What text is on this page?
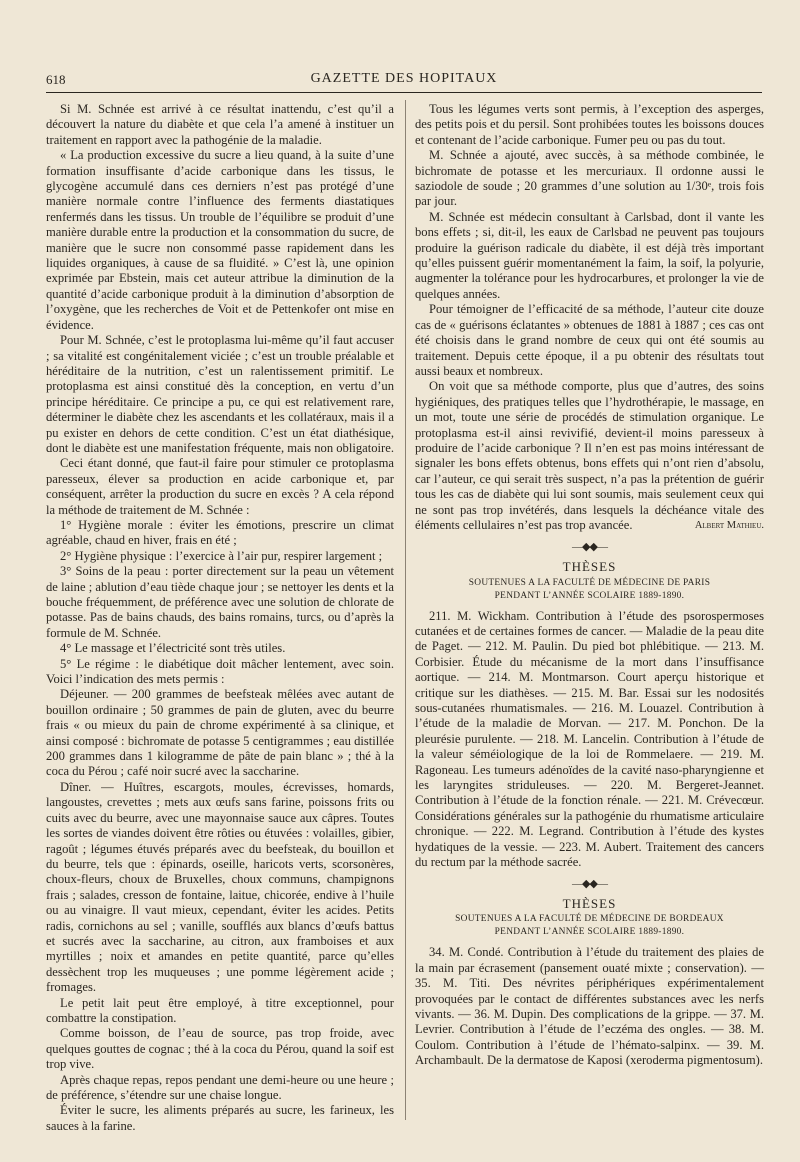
618	GAZETTE DES HOPITAUX

Si M. Schnée est arrivé à ce résultat inattendu, c’est qu’il a découvert la nature du diabète et que cela l’a amené à instituer un traitement en rapport avec la pathogénie de la maladie.

« La production excessive du sucre a lieu quand, à la suite d’une formation insuffisante d’acide carbonique dans les tissus, le glycogène accumulé dans ces derniers n’est pas protégé d’une manière normale contre l’influence des ferments diastatiques renfermés dans les tissus. Un trouble de l’équilibre se produit d’une manière durable entre la production et la consommation du sucre, de manière que le sucre non consommé passe rapidement dans les liquides organiques, à cause de sa fluidité. » C’est là, une opinion exprimée par Ebstein, mais cet auteur attribue la diminution de la quantité d’acide carbonique produit à la diminution d’absorption de l’oxygène, que les recherches de Voit et de Pettenkofer ont mise en évidence.

Pour M. Schnée, c’est le protoplasma lui-même qu’il faut accuser ; sa vitalité est congénitalement viciée ; c’est un trouble préalable et héréditaire de la nutrition, c’est un ralentissement primitif. Le protoplasma est ainsi constitué dès la conception, en vertu d’un principe héréditaire. Ce principe a pu, ce qui est relativement rare, déterminer le diabète chez les ascendants et les collatéraux, mais il a pu exister en dehors de cette condition. C’est un état diathésique, dont le diabète est une manifestation fréquente, mais non obligatoire.

Ceci étant donné, que faut-il faire pour stimuler ce protoplasma paresseux, élever sa production en acide carbonique et, par conséquent, arrêter la production du sucre en excès ? A cela répond la méthode de traitement de M. Schnée :

1° Hygiène morale : éviter les émotions, prescrire un climat agréable, chaud en hiver, frais en été ;

2° Hygiène physique : l’exercice à l’air pur, respirer largement ;

3° Soins de la peau : porter directement sur la peau un vêtement de laine ; ablution d’eau tiède chaque jour ; se nettoyer les dents et la bouche fréquemment, de préférence avec une solution de chlorate de potasse. Pas de bains chauds, des bains romains, turcs, ou d’après la formule de M. Schnée.

4° Le massage et l’électricité sont très utiles.

5° Le régime : le diabétique doit mâcher lentement, avec soin. Voici l’indication des mets permis :

Déjeuner. — 200 grammes de beefsteak mêlées avec autant de bouillon ordinaire ; 50 grammes de pain de gluten, avec du beurre frais « ou mieux du pain de chrome expérimenté à sa clinique, et ainsi composé : bichromate de potasse 5 centigrammes ; eau distillée 200 grammes dans 1 kilogramme de pâte de pain blanc » ; thé à la coca du Pérou ; café noir sucré avec la saccharine.

Dîner. — Huîtres, escargots, moules, écrevisses, homards, langoustes, crevettes ; mets aux œufs sans farine, poissons frits ou cuits avec du beurre, avec une mayonnaise sauce aux câpres. Toutes les sortes de viandes doivent être rôties ou étuvées : volailles, gibier, ragoût ; légumes étuvés préparés avec du beefsteak, du bouillon et du beurre, tels que : épinards, oseille, haricots verts, scorsonères, choux-fleurs, choux de Bruxelles, choux communs, champignons frais ; salades, cresson de fontaine, laitue, chicorée, endive à l’huile ou au vinaigre. Il vaut mieux, cependant, éviter les acides. Petits radis, cornichons au sel ; vanille, soufflés aux blancs d’œufs battus et sucrés avec la saccharine, au citron, aux framboises et aux myrtilles ; noix et amandes en petite quantité, parce qu’elles dessèchent trop les muqueuses ; une pomme légèrement acide ; fromages.

Le petit lait peut être employé, à titre exceptionnel, pour combattre la constipation.

Comme boisson, de l’eau de source, pas trop froide, avec quelques gouttes de cognac ; thé à la coca du Pérou, quand la soif est trop vive.

Après chaque repas, repos pendant une demi-heure ou une heure ; de préférence, s’étendre sur une chaise longue.

Éviter le sucre, les aliments préparés au sucre, les farineux, les sauces à la farine.

Tous les légumes verts sont permis, à l’exception des asperges, des petits pois et du persil. Sont prohibées toutes les boissons douces et contenant de l’acide carbonique. Fumer peu ou pas du tout.

M. Schnée a ajouté, avec succès, à sa méthode combinée, le bichromate de potasse et les mercuriaux. Il ordonne aussi le saziodole de soude ; 20 grammes d’une solution au 1/30ᵉ, trois fois par jour.

M. Schnée est médecin consultant à Carlsbad, dont il vante les bons effets ; si, dit-il, les eaux de Carlsbad ne peuvent pas toujours produire la guérison radicale du diabète, il est déjà très important qu’elles puissent guérir momentanément la faim, la soif, la polyurie, augmenter la tolérance pour les hydrocarbures, et prolonger la vie de quelques années.

Pour témoigner de l’efficacité de sa méthode, l’auteur cite douze cas de « guérisons éclatantes » obtenues de 1881 à 1887 ; ces cas ont été choisis dans le grand nombre de ceux qui ont été soumis au traitement. Depuis cette époque, il a pu obtenir des résultats tout aussi beaux et nombreux.

On voit que sa méthode comporte, plus que d’autres, des soins hygiéniques, des pratiques telles que l’hydrothérapie, le massage, en un mot, toute une série de procédés de stimulation organique. Le protoplasma est-il ainsi revivifié, devient-il moins paresseux à produire de l’acide carbonique ? Il n’en est pas moins intéressant de signaler les bons effets obtenus, bons effets qui n’ont rien d’absolu, car l’auteur, ce qui serait très suspect, n’a pas la prétention de guérir tous les cas de diabète qui lui sont soumis, mais seulement ceux qui ne sont pas trop invétérés, dans lesquels la déchéance vitale des éléments cellulaires n’est pas trop avancée.	Albert Mathieu.
—◆◆—
THÈSES
SOUTENUES A LA FACULTÉ DE MÉDECINE DE PARIS
PENDANT L’ANNÉE SCOLAIRE 1889-1890.

211. M. Wickham. Contribution à l’étude des psorospermoses cutanées et de certaines formes de cancer. — Maladie de la peau dite de Paget. — 212. M. Paulin. Du pied bot phlébitique. — 213. M. Corbisier. Étude du mécanisme de la mort dans l’insuffisance aortique. — 214. M. Montmarson. Court aperçu historique et critique sur les diathèses. — 215. M. Bar. Essai sur les nodosités sous-cutanées rhumatismales. — 216. M. Louazel. Contribution à l’étude de la maladie de Morvan. — 217. M. Ponchon. De la pleurésie purulente. — 218. M. Lancelin. Contribution à l’étude de la valeur séméiologique de la loi de Rommelaere. — 219. M. Ragoneau. Les tumeurs adénoïdes de la cavité naso-pharyngienne et les laryngites striduleuses. — 220. M. Bergeret-Jeannet. Contribution à l’étude de la fonction rénale. — 221. M. Crévecœur. Considérations générales sur la pathogénie du rhumatisme articulaire chronique. — 222. M. Legrand. Contribution à l’étude des kystes hydatiques de la vessie. — 223. M. Aubert. Traitement des cancers du rectum par la méthode sacrée.

—◆◆—
THÈSES
SOUTENUES A LA FACULTÉ DE MÉDECINE DE BORDEAUX
PENDANT L’ANNÉE SCOLAIRE 1889-1890.

34. M. Condé. Contribution à l’étude du traitement des plaies de la main par écrasement (pansement ouaté mixte ; conservation). — 35. M. Titi. Des névrites périphériques expérimentalement provoquées par le contact de différentes substances avec les nerfs vivants. — 36. M. Dupin. Des complications de la grippe. — 37. M. Levrier. Contribution à l’étude de l’eczéma des ongles. — 38. M. Coulom. Contribution à l’étude de l’hémato-salpinx. — 39. M. Archambault. De la dermatose de Kaposi (xeroderma pigmentosum).
